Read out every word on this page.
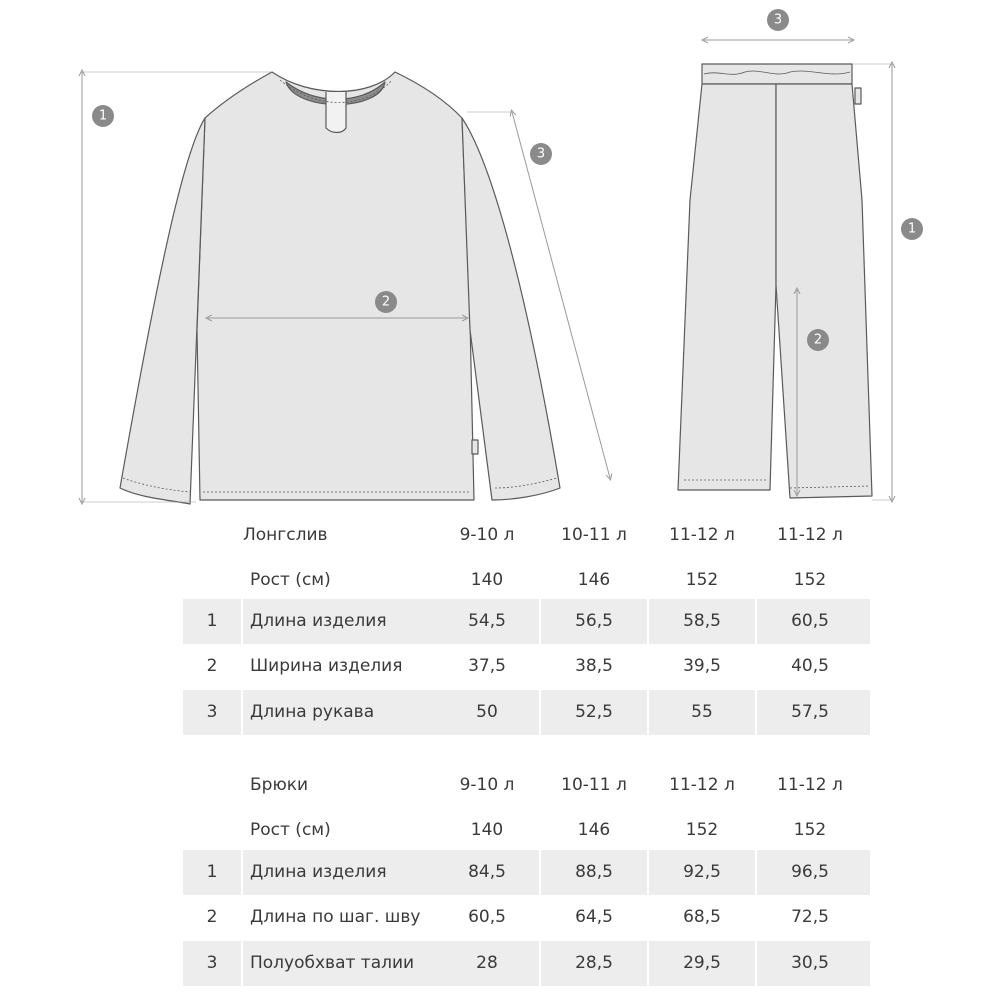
1
2
3
3
1
2
Лонгслив	9-10 л	10-11 л	11-12 л	11-12 л
Рост (см)	140	146	152	152
1	Длина изделия	54,5	56,5	58,5	60,5
2	Ширина изделия	37,5	38,5	39,5	40,5
3	Длина рукава	50	52,5	55	57,5
Брюки	9-10 л	10-11 л	11-12 л	11-12 л
Рост (см)	140	146	152	152
1	Длина изделия	84,5	88,5	92,5	96,5
2	Длина по шаг. шву	60,5	64,5	68,5	72,5
3	Полуобхват талии	28	28,5	29,5	30,5
